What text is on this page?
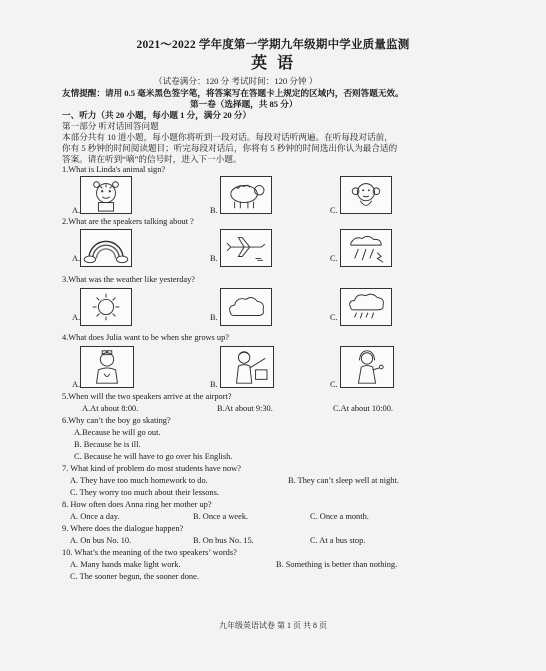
2021～2022 学年度第一学期九年级期中学业质量监测
英语
（试卷满分：120 分 考试时间：120 分钟 ）
友情提醒：请用 0.5 毫米黑色签字笔，将答案写在答题卡上规定的区域内，否则答题无效。
第一卷（选择题，共 85 分）
一、听力（共 20 小题，每小题 1 分，满分 20 分）
第一部分 听对话回答问题
本部分共有 10 道小题，每小题你将听到一段对话。每段对话听两遍。在听每段对话前，
你有 5 秒钟的时间阅读题目；听完每段对话后，你将有 5 秒钟的时间选出你认为最合适的
答案。请在听到“嘀”的信号时，进入下一小题。
1.What is Linda's animal sign?
A.	B.	C.
2.What are the speakers talking about ?
A.	B.	C.
3.What was the weather like yesterday?
A.	B.	C.
4.What does Julia want to be when she grows up?
A.	B.	C.
5.When will the two speakers arrive at the airport?
A.At about 8:00.	B.At about 9:30.	C.At about 10:00.
6.Why can’t the boy go skating?
A.Because he will go out.
B. Because he is ill.
C. Because he will have to go over his English.
7. What kind of problem do most students have now?
A. They have too much homework to do.	B. They can’t sleep well at night.
C. They worry too much about their lessons.
8. How often does Anna ring her mother up?
A. Once a day.	B. Once a week.	C. Once a month.
9. Where does the dialogue happen?
A. On bus No. 10.	B. On bus No. 15.	C. At a bus stop.
10. What’s the meaning of the two speakers’ words?
A. Many hands make light work.	B. Something is better than nothing.
C. The sooner begun, the sooner done.
九年级英语试卷 第 1 页 共 8 页
